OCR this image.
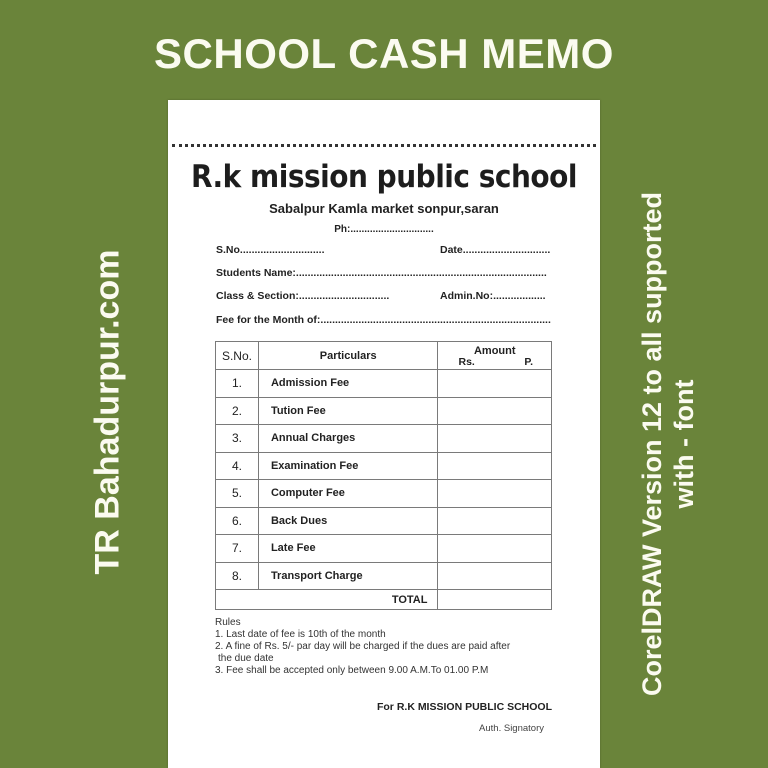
SCHOOL CASH MEMO
TR Bahadurpur.com	CorelDRAW Version 12 to all supported with - font
R.k mission public school
Sabalpur Kamla market sonpur,saran
Ph:..............................
S.No.............................	Date..............................
Students Name:......................................................................................
Class & Section:...............................	Admin.No:..................
Fee for the Month of:...............................................................................
S.No.	Particulars	Amount
Rs. P.

1.	Admission Fee	
2.	Tution Fee	
3.	Annual Charges	
4.	Examination Fee	
5.	Computer Fee	
6.	Back Dues	
7.	Late Fee	
8.	Transport Charge	
TOTAL		
Rules
1. Last date of fee is 10th of the month
2. A fine of Rs. 5/- par day will be charged if the dues are paid after
the due date
3. Fee shall be accepted only between 9.00 A.M.To 01.00 P.M
For R.K MISSION PUBLIC SCHOOL
Auth. Signatory
